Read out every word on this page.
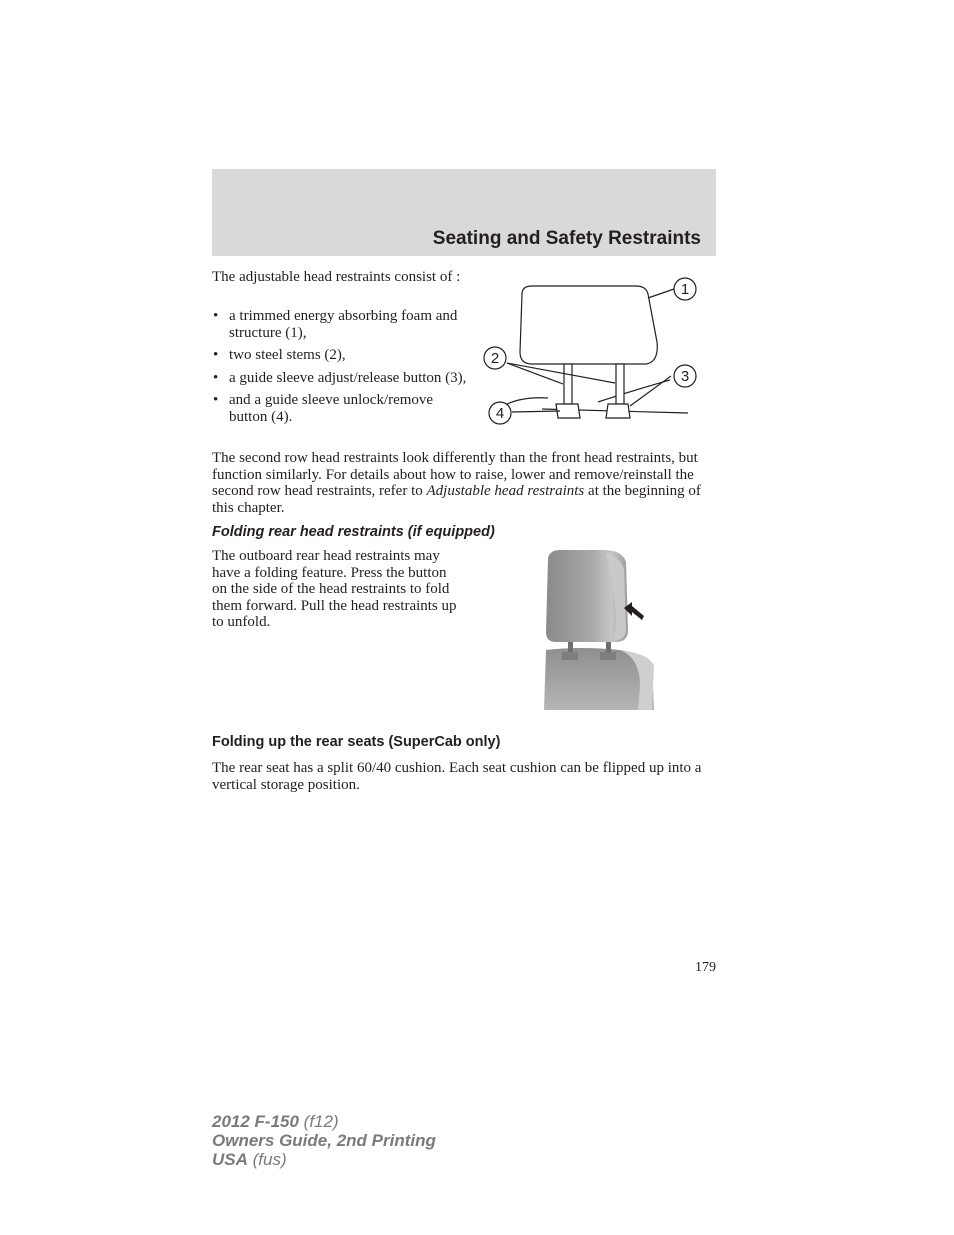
Seating and Safety Restraints

The adjustable head restraints consist of :

• a trimmed energy absorbing foam and structure (1),
• two steel stems (2),
• a guide sleeve adjust/release button (3),
• and a guide sleeve unlock/remove button (4).
1
2
3
4

The second row head restraints look differently than the front head restraints, but function similarly. For details about how to raise, lower and remove/reinstall the second row head restraints, refer to Adjustable head restraints at the beginning of this chapter.

Folding rear head restraints (if equipped)

The outboard rear head restraints may have a folding feature. Press the button on the side of the head restraints to fold them forward. Pull the head restraints up to unfold.

Folding up the rear seats (SuperCab only)

The rear seat has a split 60/40 cushion. Each seat cushion can be flipped up into a vertical storage position.

179
2012 F-150 (f12)
Owners Guide, 2nd Printing
USA (fus)
